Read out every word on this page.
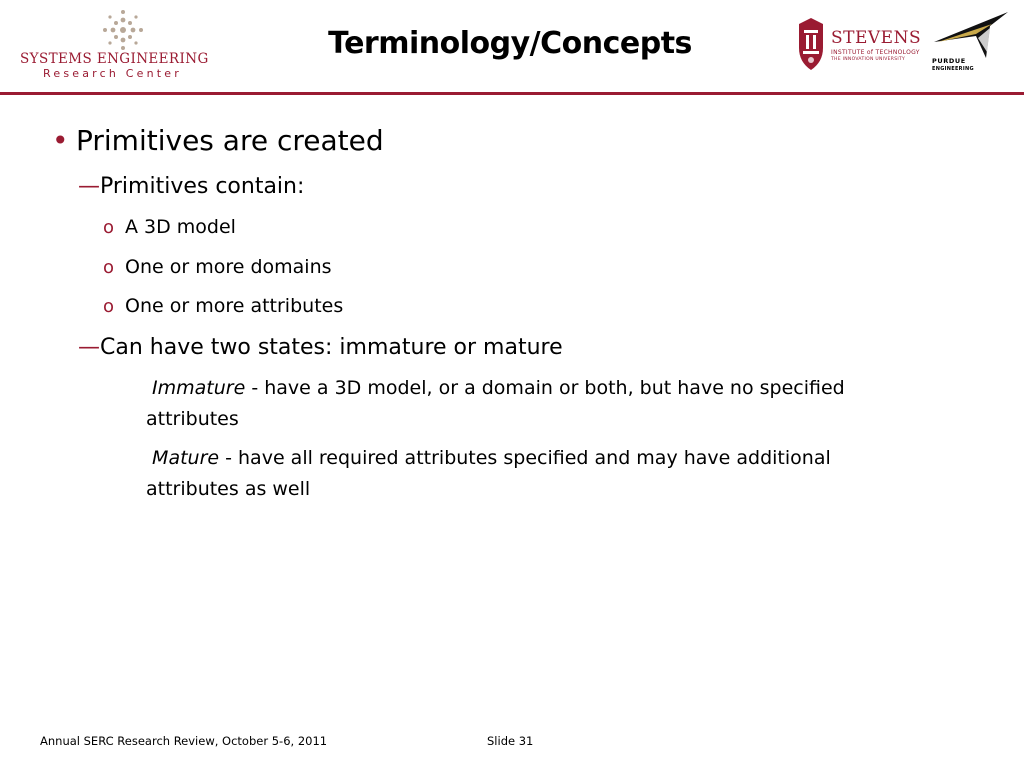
SYSTEMS ENGINEERING
Research Center
Terminology/Concepts	STEVENS
INSTITUTE of TECHNOLOGY
THE INNOVATION UNIVERSITY	PURDUE
ENGINEERING
• Primitives are created
—Primitives contain:
o A 3D model
o One or more domains
o One or more attributes
—Can have two states: immature or mature
Immature - have a 3D model, or a domain or both, but have no specified attributes
Mature - have all required attributes specified and may have additional attributes as well
Annual SERC Research Review, October 5-6, 2011	Slide 31
